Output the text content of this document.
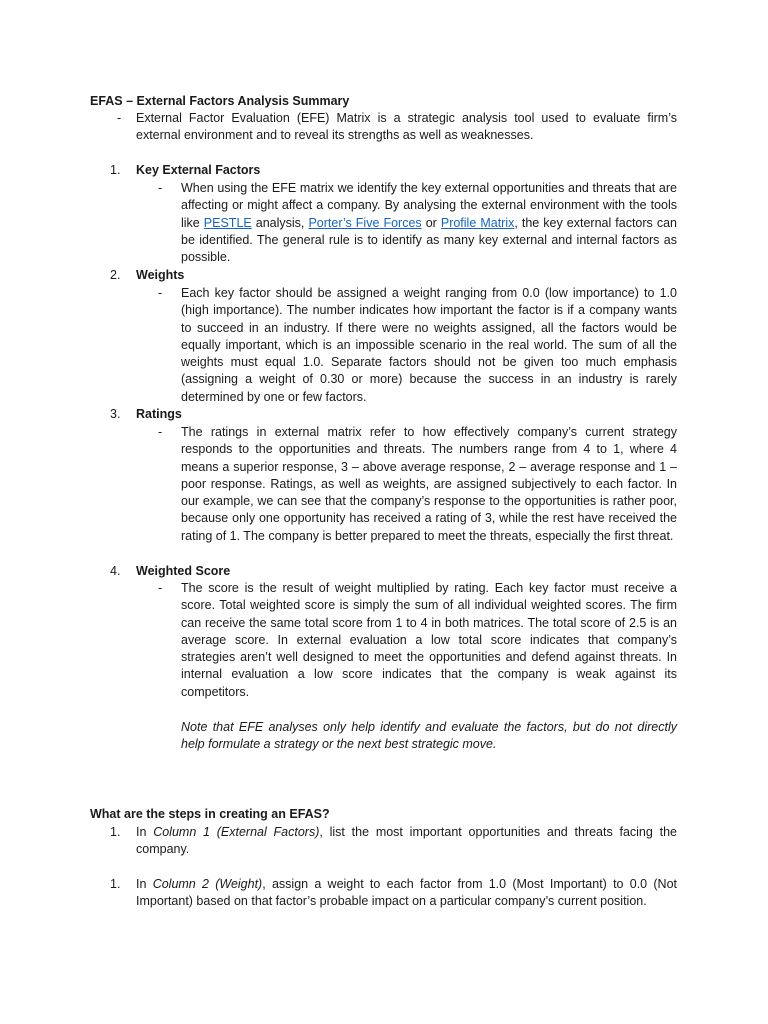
EFAS – External Factors Analysis Summary
-	External Factor Evaluation (EFE) Matrix is a strategic analysis tool used to evaluate firm’s external environment and to reveal its strengths as well as weaknesses.

1.	Key External Factors
-	When using the EFE matrix we identify the key external opportunities and threats that are affecting or might affect a company. By analysing the external environment with the tools like PESTLE analysis, Porter’s Five Forces or Profile Matrix, the key external factors can be identified. The general rule is to identify as many key external and internal factors as possible.

2.	Weights
-	Each key factor should be assigned a weight ranging from 0.0 (low importance) to 1.0 (high importance). The number indicates how important the factor is if a company wants to succeed in an industry. If there were no weights assigned, all the factors would be equally important, which is an impossible scenario in the real world. The sum of all the weights must equal 1.0. Separate factors should not be given too much emphasis (assigning a weight of 0.30 or more) because the success in an industry is rarely determined by one or few factors.

3.	Ratings
-	The ratings in external matrix refer to how effectively company’s current strategy responds to the opportunities and threats. The numbers range from 4 to 1, where 4 means a superior response, 3 – above average response, 2 – average response and 1 – poor response. Ratings, as well as weights, are assigned subjectively to each factor. In our example, we can see that the company’s response to the opportunities is rather poor, because only one opportunity has received a rating of 3, while the rest have received the rating of 1. The company is better prepared to meet the threats, especially the first threat.

4.	Weighted Score
-	The score is the result of weight multiplied by rating. Each key factor must receive a score. Total weighted score is simply the sum of all individual weighted scores. The firm can receive the same total score from 1 to 4 in both matrices. The total score of 2.5 is an average score. In external evaluation a low total score indicates that company’s strategies aren’t well designed to meet the opportunities and defend against threats. In internal evaluation a low score indicates that the company is weak against its competitors.

Note that EFE analyses only help identify and evaluate the factors, but do not directly help formulate a strategy or the next best strategic move.

What are the steps in creating an EFAS?
1.	In Column 1 (External Factors), list the most important opportunities and threats facing the company.

1.	In Column 2 (Weight), assign a weight to each factor from 1.0 (Most Important) to 0.0 (Not Important) based on that factor’s probable impact on a particular company’s current position.
